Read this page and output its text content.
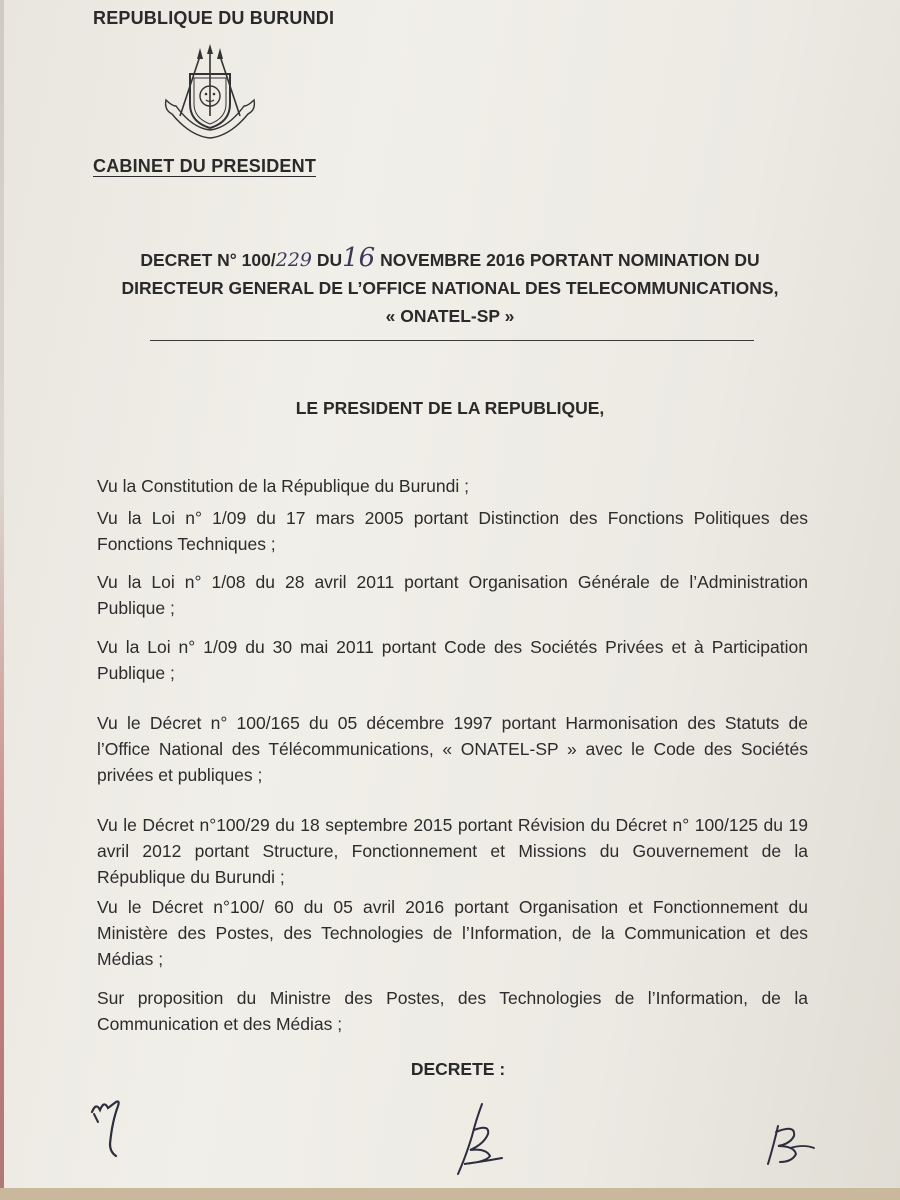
REPUBLIQUE DU BURUNDI
CABINET DU PRESIDENT
DECRET N° 100/229 DU16 NOVEMBRE 2016 PORTANT NOMINATION DU
DIRECTEUR GENERAL DE L’OFFICE NATIONAL DES TELECOMMUNICATIONS,
« ONATEL-SP »
LE PRESIDENT DE LA REPUBLIQUE,
Vu la Constitution de la République du Burundi ;
Vu la Loi n° 1/09 du 17 mars 2005 portant Distinction des Fonctions Politiques des Fonctions Techniques ;
Vu la Loi n° 1/08 du 28 avril 2011 portant Organisation Générale de l’Administration Publique ;
Vu la Loi n° 1/09 du 30 mai 2011 portant Code des Sociétés Privées et à Participation Publique ;
Vu le Décret n° 100/165 du 05 décembre 1997 portant Harmonisation des Statuts de l’Office National des Télécommunications, « ONATEL-SP » avec le Code des Sociétés privées et publiques ;
Vu le Décret n°100/29 du 18 septembre 2015 portant Révision du Décret n° 100/125 du 19 avril 2012 portant Structure, Fonctionnement et Missions du Gouvernement de la République du Burundi ;
Vu le Décret n°100/ 60 du 05 avril 2016 portant Organisation et Fonctionnement du Ministère des Postes, des Technologies de l’Information, de la Communication et des Médias ;
Sur proposition du Ministre des Postes, des Technologies de l’Information, de la Communication et des Médias ;
DECRETE :
